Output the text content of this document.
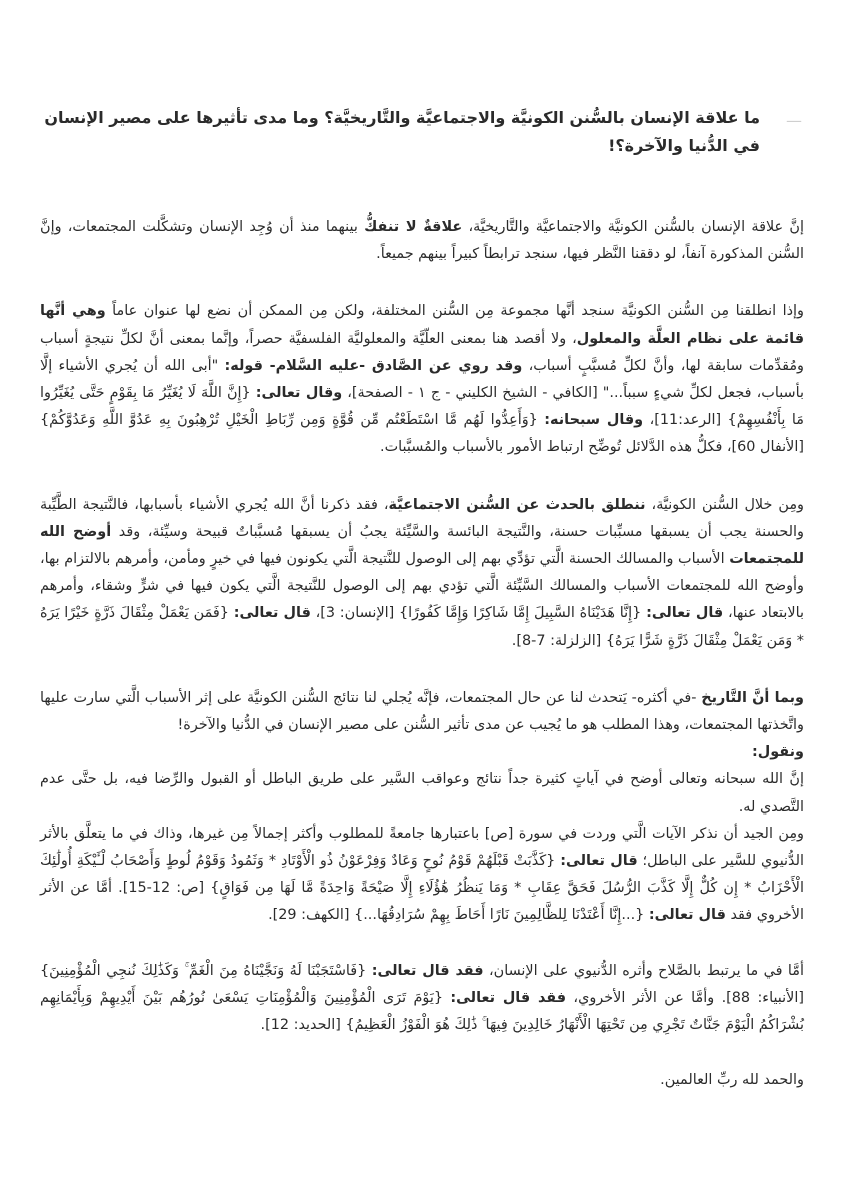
—
ما علاقة الإنسان بالسُّنن الكونيَّة والاجتماعيَّة والتَّاريخيَّة؟ وما مدى تأثيرها على مصير الإنسان في الدُّنيا والآخرة؟!

إنَّ علاقة الإنسان بالسُّنن الكونيَّة والاجتماعيَّة والتَّاريخيَّة، علاقةٌ لا تنفكُّ بينهما منذ أن وُجِد الإنسان وتشكَّلت المجتمعات، وإنَّ السُّنن المذكورة آنفاً، لو دققنا النَّظر فيها، سنجد ترابطاً كبيراً بينهم جميعاً.

وإذا انطلقنا مِن السُّنن الكونيَّة سنجد أنَّها مجموعة مِن السُّنن المختلفة، ولكن مِن الممكن أن نضع لها عنوان عاماً وهي أنَّها قائمة على نظام العلَّة والمعلول، ولا أقصد هنا بمعنى العلّيَّة والمعلوليَّة الفلسفيَّة حصراً، وإنَّما بمعنى أنَّ لكلِّ نتيجةٍ أسباب ومُقدِّمات سابقة لها، وأنَّ لكلِّ مُسبَّبٍ أسباب، وقد روي عن الصَّادق -عليه السَّلام- قوله: "أبى الله أن يُجري الأشياء إلَّا بأسباب، فجعل لكلِّ شيءٍ سبباً..." [الكافي - الشيخ الكليني - ج ١ - الصفحة]، وقال تعالى: {إِنَّ اللَّهَ لَا يُغَيِّرُ مَا بِقَوْمٍ حَتَّى يُغَيِّرُوا مَا بِأَنْفُسِهِمْ} [الرعد:11]، وقال سبحانه: {وَأَعِدُّوا لَهُم مَّا اسْتَطَعْتُم مِّن قُوَّةٍ وَمِن رِّبَاطِ الْخَيْلِ تُرْهِبُونَ بِهِ عَدُوَّ اللَّهِ وَعَدُوَّكُمْ} [الأنفال 60]، فكلُّ هذه الدَّلائل تُوضِّح ارتباط الأمور بالأسباب والمُسبَّبات.

ومِن خلال السُّنن الكونيَّة، ننطلق بالحدث عن السُّنن الاجتماعيَّة، فقد ذكرنا أنَّ الله يُجري الأشياء بأسبابها، فالنَّتيجة الطَّيِّبة والحسنة يجب أن يسبقها مسبِّبات حسنة، والنَّتيجة البائسة والسَّيِّئة يجبُ أن يسبقها مُسبَّباتٌ قبيحة وسيِّئة، وقد أوضح الله للمجتمعات الأسباب والمسالك الحسنة الَّتي تؤدِّي بهم إلى الوصول للنَّتيجة الَّتي يكونون فيها في خيرٍ ومأمن، وأمرهم بالالتزام بها، وأوضح الله للمجتمعات الأسباب والمسالك السَّيِّئة الَّتي تؤدي بهم إلى الوصول للنَّتيجة الَّتي يكون فيها في شرٍّ وشقاء، وأمرهم بالابتعاد عنها، قال تعالى: {إِنَّا هَدَيْنَاهُ السَّبِيلَ إِمَّا شَاكِرًا وَإِمَّا كَفُورًا} [الإنسان: 3]، قال تعالى: {فَمَن يَعْمَلْ مِثْقَالَ ذَرَّةٍ خَيْرًا يَرَهُ * وَمَن يَعْمَلْ مِثْقَالَ ذَرَّةٍ شَرًّا يَرَهُ} [الزلزلة: 7-8].

وبما أنَّ التَّاريخ -في أكثره- يَتحدث لنا عن حال المجتمعات، فإنَّه يُجلي لنا نتائج السُّنن الكونيَّة على إثر الأسباب الَّتي سارت عليها واتَّخذتها المجتمعات، وهذا المطلب هو ما يُجيب عن مدى تأثير السُّنن على مصير الإنسان في الدُّنيا والآخرة!

ونقول:

إنَّ الله سبحانه وتعالى أوضح في آياتٍ كثيرة جداً نتائج وعواقب السَّير على طريق الباطل أو القبول والرِّضا فيه، بل حتَّى عدم التَّصدي له.

ومِن الجيد أن نذكر الآيات الَّتي وردت في سورة [ص] باعتبارها جامعةً للمطلوب وأكثر إجمالاً مِن غيرها، وذاك في ما يتعلَّق بالأثر الدُّنيوي للسَّير على الباطل؛ قال تعالى: {كَذَّبَتْ قَبْلَهُمْ قَوْمُ نُوحٍ وَعَادٌ وَفِرْعَوْنُ ذُو الْأَوْتَادِ * وَثَمُودُ وَقَوْمُ لُوطٍ وَأَصْحَابُ لْـَٔيْكَةِ أُولَٰئِكَ الْأَحْزَابُ * إِن كُلٌّ إِلَّا كَذَّبَ الرُّسُلَ فَحَقَّ عِقَابِ * وَمَا يَنظُرُ هَٰؤُلَاءِ إِلَّا صَيْحَةً وَاحِدَةً مَّا لَهَا مِن فَوَاقٍ} [ص: 12-15]. أمَّا عن الأثر الأخروي فقد قال تعالى: {...إِنَّا أَعْتَدْنَا لِلظَّالِمِينَ نَارًا أَحَاطَ بِهِمْ سُرَادِقُهَا...} [الكهف: 29].

أمَّا في ما يرتبط بالصَّلاح وأثره الدُّنيوي على الإنسان، فقد قال تعالى: {فَاسْتَجَبْنَا لَهُ وَنَجَّيْنَاهُ مِنَ الْغَمِّ ۚ وَكَذَٰلِكَ نُنجِي الْمُؤْمِنِينَ} [الأنبياء: 88]. وأمَّا عن الأثر الأخروي، فقد قال تعالى: {يَوْمَ تَرَى الْمُؤْمِنِينَ وَالْمُؤْمِنَاتِ يَسْعَىٰ نُورُهُم بَيْنَ أَيْدِيهِمْ وَبِأَيْمَانِهِم بُشْرَاكُمُ الْيَوْمَ جَنَّاتٌ تَجْرِي مِن تَحْتِهَا الْأَنْهَارُ خَالِدِينَ فِيهَا ۚ ذَٰلِكَ هُوَ الْفَوْزُ الْعَظِيمُ} [الحديد: 12].

والحمد لله ربِّ العالمين.
